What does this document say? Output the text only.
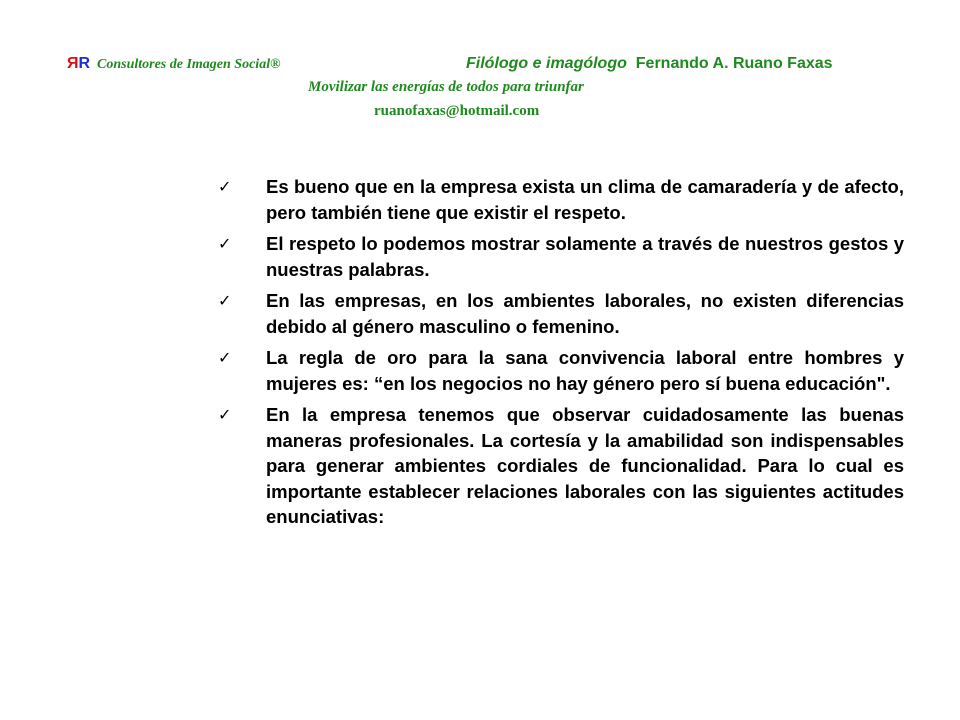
ЯR Consultores de Imagen Social®	Filólogo e imagólogo Fernando A. Ruano Faxas
Movilizar las energías de todos para triunfar
ruanofaxas@hotmail.com
✓ Es bueno que en la empresa exista un clima de camaradería y de afecto, pero también tiene que existir el respeto.
✓ El respeto lo podemos mostrar solamente a través de nuestros gestos y nuestras palabras.
✓ En las empresas, en los ambientes laborales, no existen diferencias debido al género masculino o femenino.
✓ La regla de oro para la sana convivencia laboral entre hombres y mujeres es: “en los negocios no hay género pero sí buena educación".
✓ En la empresa tenemos que observar cuidadosamente las buenas maneras profesionales. La cortesía y la amabilidad son indispensables para generar ambientes cordiales de funcionalidad. Para lo cual es importante establecer relaciones laborales con las siguientes actitudes enunciativas:
